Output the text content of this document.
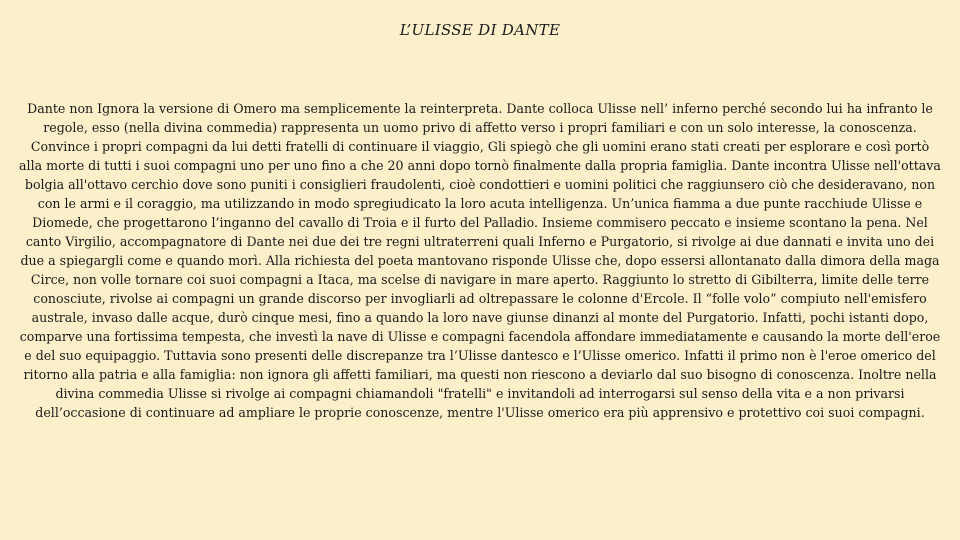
L’ULISSE DI DANTE

Dante non Ignora la versione di Omero ma semplicemente la reinterpreta. Dante colloca Ulisse nell’ inferno perché secondo lui ha infranto le regole, esso (nella divina commedia) rappresenta un uomo privo di affetto verso i propri familiari e con un solo interesse, la conoscenza. Convince i propri compagni da lui detti fratelli di continuare il viaggio, Gli spiegò che gli uomini erano stati creati per esplorare e così portò alla morte di tutti i suoi compagni uno per uno fino a che 20 anni dopo tornò finalmente dalla propria famiglia. Dante incontra Ulisse nell'ottava bolgia all'ottavo cerchio dove sono puniti i consiglieri fraudolenti, cioè condottieri e uomini politici che raggiunsero ciò che desideravano, non con le armi e il coraggio, ma utilizzando in modo spregiudicato la loro acuta intelligenza. Un’unica fiamma a due punte racchiude Ulisse e Diomede, che progettarono l’inganno del cavallo di Troia e il furto del Palladio. Insieme commisero peccato e insieme scontano la pena. Nel canto Virgilio, accompagnatore di Dante nei due dei tre regni ultraterreni quali Inferno e Purgatorio, si rivolge ai due dannati e invita uno dei due a spiegargli come e quando morì. Alla richiesta del poeta mantovano risponde Ulisse che, dopo essersi allontanato dalla dimora della maga Circe, non volle tornare coi suoi compagni a Itaca, ma scelse di navigare in mare aperto. Raggiunto lo stretto di Gibilterra, limite delle terre conosciute, rivolse ai compagni un grande discorso per invogliarli ad oltrepassare le colonne d'Ercole. Il “folle volo” compiuto nell'emisfero australe, invaso dalle acque, durò cinque mesi, fino a quando la loro nave giunse dinanzi al monte del Purgatorio. Infatti, pochi istanti dopo, comparve una fortissima tempesta, che investì la nave di Ulisse e compagni facendola affondare immediatamente e causando la morte dell'eroe e del suo equipaggio. Tuttavia sono presenti delle discrepanze tra l’Ulisse dantesco e l’Ulisse omerico. Infatti il primo non è l'eroe omerico del ritorno alla patria e alla famiglia: non ignora gli affetti familiari, ma questi non riescono a deviarlo dal suo bisogno di conoscenza. Inoltre nella divina commedia Ulisse si rivolge ai compagni chiamandoli "fratelli" e invitandoli ad interrogarsi sul senso della vita e a non privarsi dell’occasione di continuare ad ampliare le proprie conoscenze, mentre l'Ulisse omerico era più apprensivo e protettivo coi suoi compagni.
